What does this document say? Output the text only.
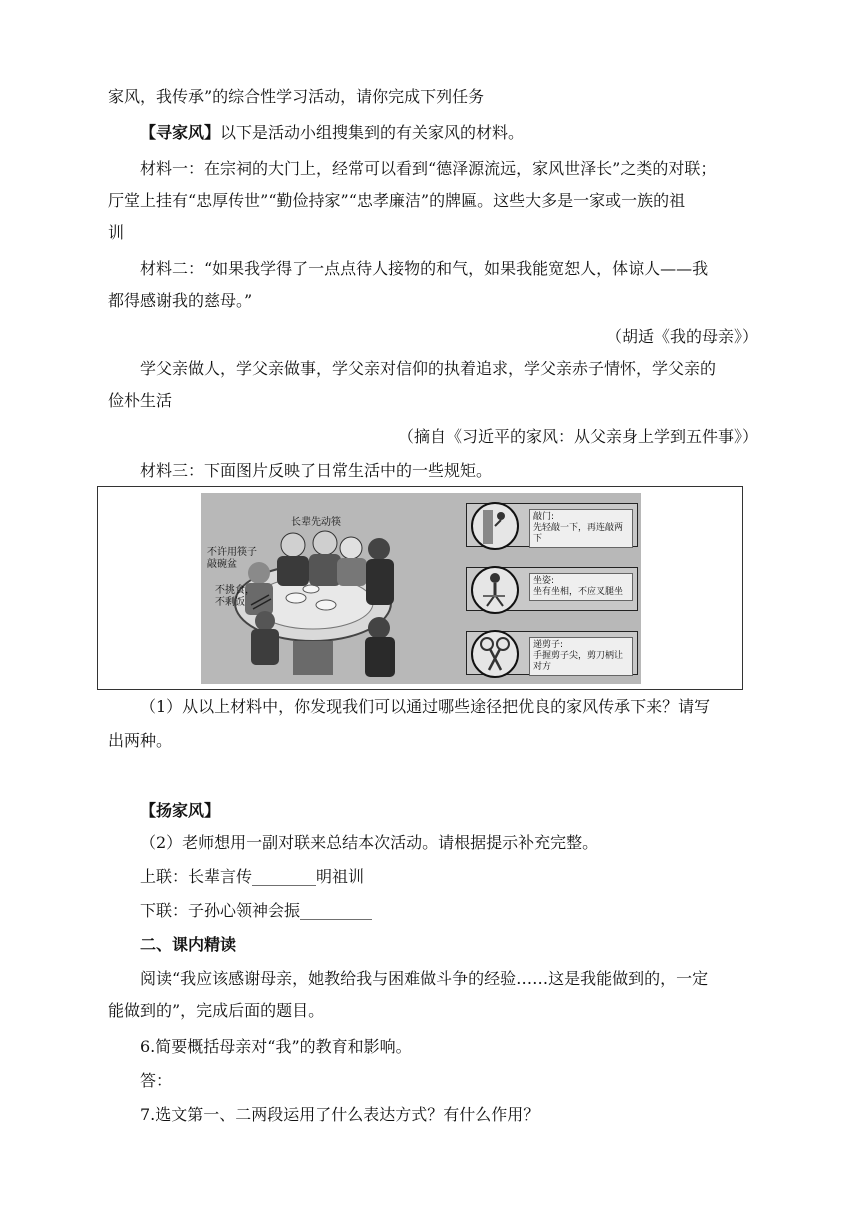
家风，我传承”的综合性学习活动，请你完成下列任务
【寻家风】以下是活动小组搜集到的有关家风的材料。
材料一：在宗祠的大门上，经常可以看到“德泽源流远，家风世泽长”之类的对联；
厅堂上挂有“忠厚传世”“勤俭持家”“忠孝廉洁”的牌匾。这些大多是一家或一族的祖
训
材料二：“如果我学得了一点点待人接物的和气，如果我能宽恕人，体谅人——我
都得感谢我的慈母。”
（胡适《我的母亲》）
学父亲做人，学父亲做事，学父亲对信仰的执着追求，学父亲赤子情怀，学父亲的
俭朴生活
（摘自《习近平的家风：从父亲身上学到五件事》）
材料三：下面图片反映了日常生活中的一些规矩。
长辈先动筷
不许用筷子
敲碗盆
不挑食，
不剩饭
敲门:
先轻敲一下，再连敲两下
坐姿:
坐有坐相，不应叉腿坐
递剪子:
手握剪子尖，剪刀柄让对方
（1）从以上材料中，你发现我们可以通过哪些途径把优良的家风传承下来？请写
出两种。
【扬家风】
（2）老师想用一副对联来总结本次活动。请根据提示补充完整。
上联：长辈言传________明祖训
下联：子孙心领神会振_________
二、课内精读
阅读“我应该感谢母亲，她教给我与困难做斗争的经验……这是我能做到的，一定
能做到的”，完成后面的题目。
6.简要概括母亲对“我”的教育和影响。
答：
7.选文第一、二两段运用了什么表达方式？有什么作用？
